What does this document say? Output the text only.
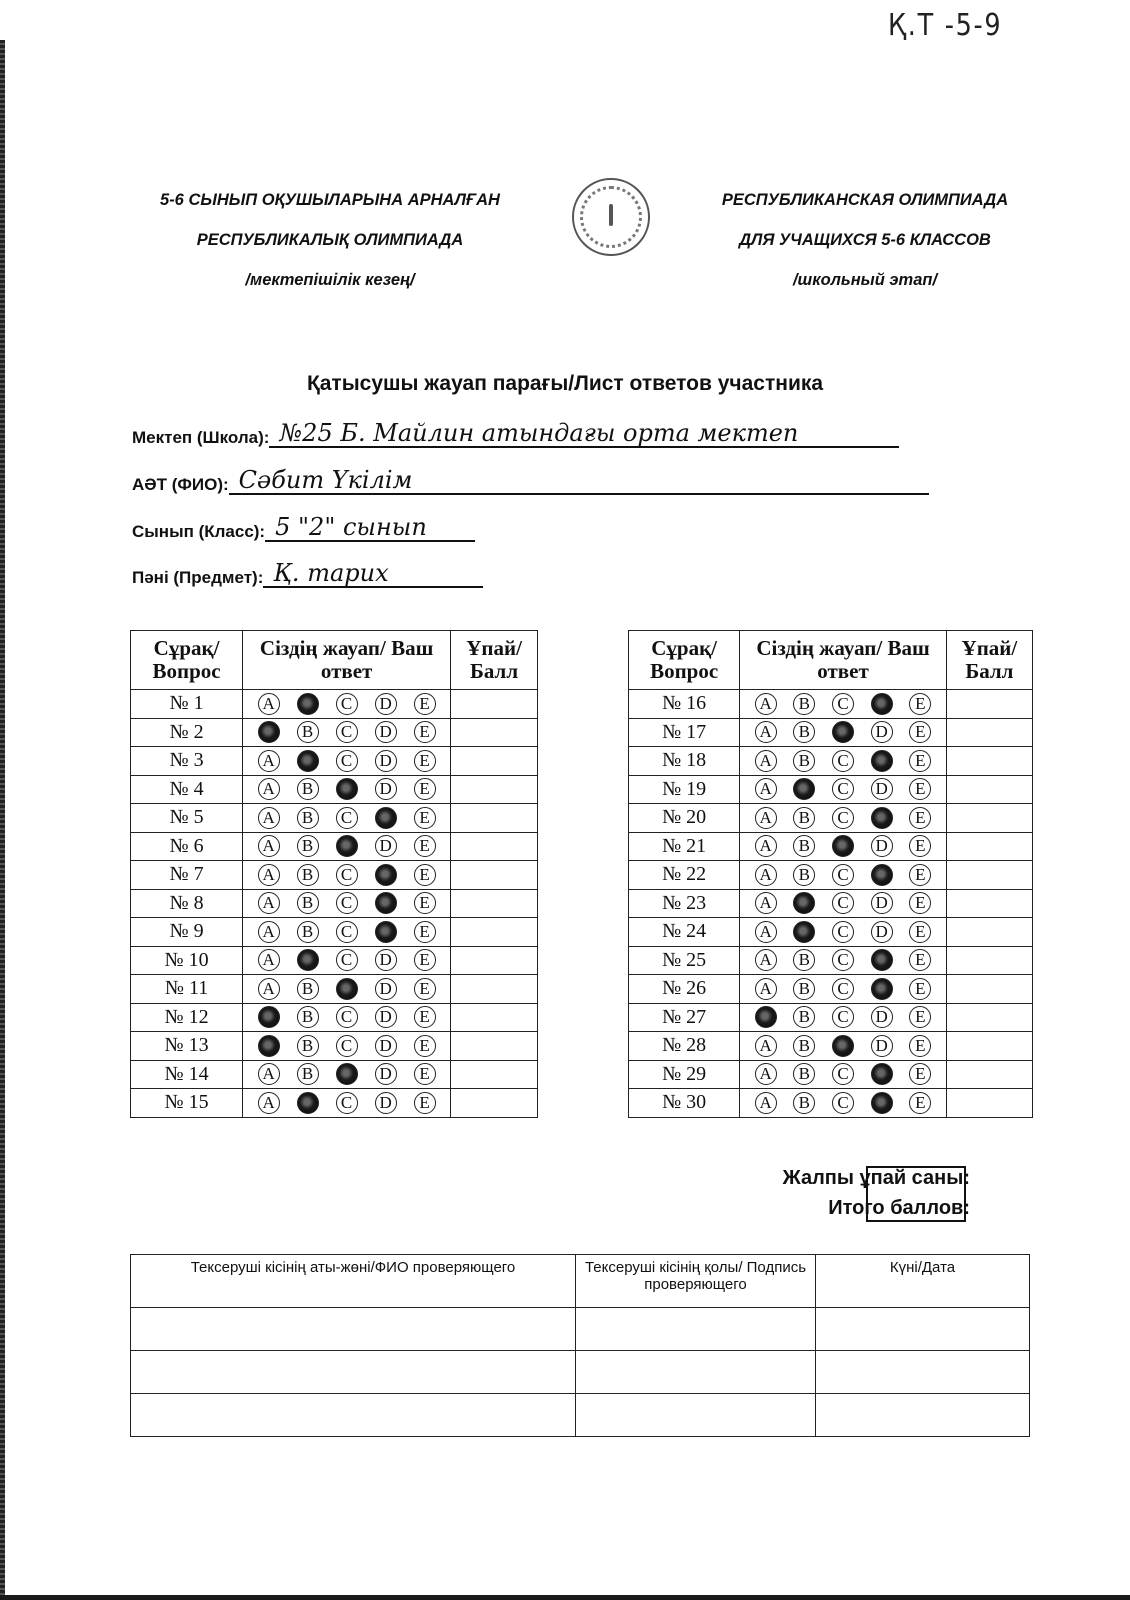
Қ.Т -5-9
5-6 СЫНЫП ОҚУШЫЛАРЫНА АРНАЛҒАН
РЕСПУБЛИКАЛЫҚ ОЛИМПИАДА
/мектепішілік кезең/
РЕСПУБЛИКАНСКАЯ ОЛИМПИАДА
ДЛЯ УЧАЩИХСЯ 5-6 КЛАССОВ
/школьный этап/
Қатысушы жауап парағы/Лист ответов участника
Мектеп (Школа): №25 Б. Майлин атындағы орта мектеп
АӘТ (ФИО): Сәбит Үкілім
Сынып (Класс): 5 "2" сынып
Пәні (Предмет): Қ. тарих
Сұрақ/ Вопрос	Сіздің жауап/ Ваш ответ	Ұпай/ Балл
№ 1	A C D E	

№ 2	B C D E	

№ 3	A C D E	

№ 4	A B D E	

№ 5	A B C E	

№ 6	A B D E	

№ 7	A B C E	

№ 8	A B C E	

№ 9	A B C E	

№ 10	A C D E	

№ 11	A B D E	

№ 12	B C D E	

№ 13	B C D E	

№ 14	A B D E	

№ 15	A C D E	

Сұрақ/ Вопрос	Сіздің жауап/ Ваш ответ	Ұпай/ Балл
№ 16	A B C E	

№ 17	A B D E	

№ 18	A B C E	

№ 19	A C D E	

№ 20	A B C E	

№ 21	A B D E	

№ 22	A B C E	

№ 23	A C D E	

№ 24	A C D E	

№ 25	A B C E	

№ 26	A B C E	

№ 27	B C D E	

№ 28	A B D E	

№ 29	A B C E	

№ 30	A B C E	

Жалпы ұпай саны:
Итого баллов:
Тексеруші кісінің аты-жөні/ФИО проверяющего	Тексеруші кісінің қолы/ Подпись проверяющего	Күні/Дата
